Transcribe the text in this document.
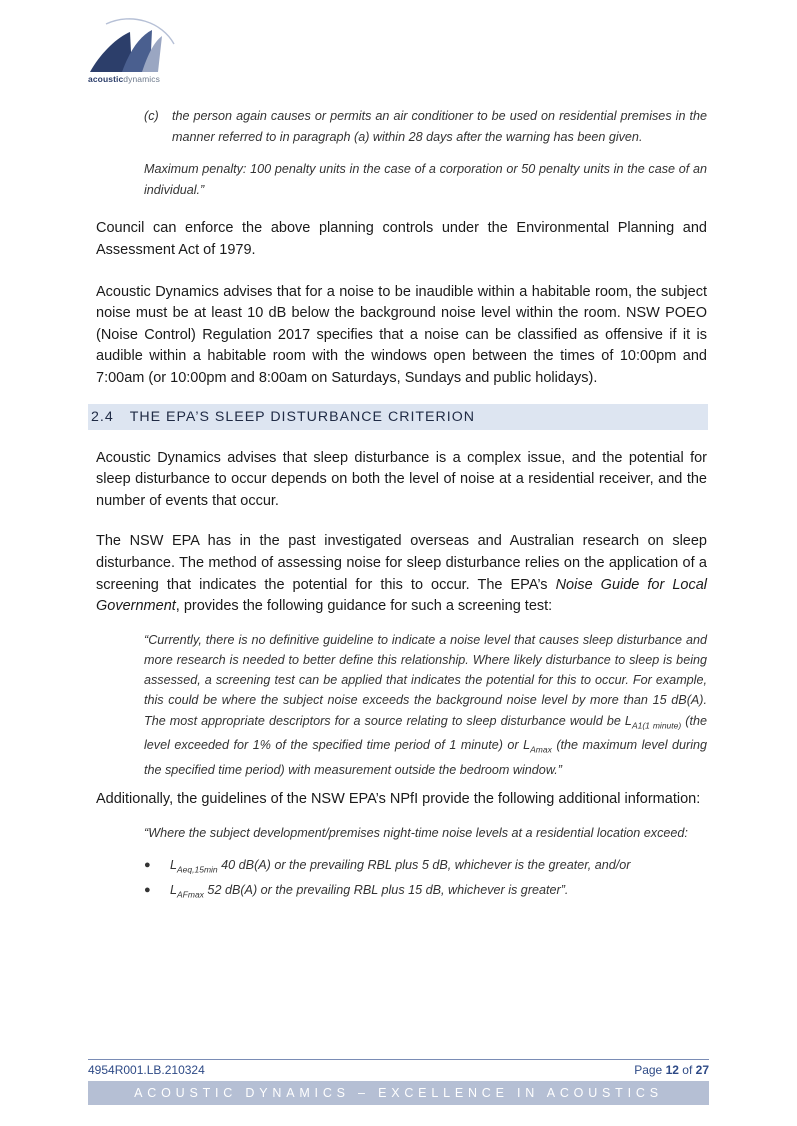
acousticdynamics
(c)	the person again causes or permits an air conditioner to be used on residential premises in the manner referred to in paragraph (a) within 28 days after the warning has been given.
Maximum penalty: 100 penalty units in the case of a corporation or 50 penalty units in the case of an individual.”

Council can enforce the above planning controls under the Environmental Planning and Assessment Act of 1979.

Acoustic Dynamics advises that for a noise to be inaudible within a habitable room, the subject noise must be at least 10 dB below the background noise level within the room. NSW POEO (Noise Control) Regulation 2017 specifies that a noise can be classified as offensive if it is audible within a habitable room with the windows open between the times of 10:00pm and 7:00am (or 10:00pm and 8:00am on Saturdays, Sundays and public holidays).

2.4 THE EPA’S SLEEP DISTURBANCE CRITERION

Acoustic Dynamics advises that sleep disturbance is a complex issue, and the potential for sleep disturbance to occur depends on both the level of noise at a residential receiver, and the number of events that occur.

The NSW EPA has in the past investigated overseas and Australian research on sleep disturbance. The method of assessing noise for sleep disturbance relies on the application of a screening that indicates the potential for this to occur. The EPA’s Noise Guide for Local Government, provides the following guidance for such a screening test:

“Currently, there is no definitive guideline to indicate a noise level that causes sleep disturbance and more research is needed to better define this relationship. Where likely disturbance to sleep is being assessed, a screening test can be applied that indicates the potential for this to occur. For example, this could be where the subject noise exceeds the background noise level by more than 15 dB(A). The most appropriate descriptors for a source relating to sleep disturbance would be $L_{A1(1 minute)}$ (the level exceeded for 1% of the specified time period of 1 minute) or $L_{Amax}$ (the maximum level during the specified time period) with measurement outside the bedroom window.”

Additionally, the guidelines of the NSW EPA’s NPfI provide the following additional information:

“Where the subject development/premises night-time noise levels at a residential location exceed:
●	$L_{Aeq,15min}$ 40 dB(A) or the prevailing RBL plus 5 dB, whichever is the greater, and/or
●	$L_{AFmax}$ 52 dB(A) or the prevailing RBL plus 15 dB, whichever is greater”.
4954R001.LB.210324	Page 12 of 27
ACOUSTIC DYNAMICS – EXCELLENCE IN ACOUSTICS
